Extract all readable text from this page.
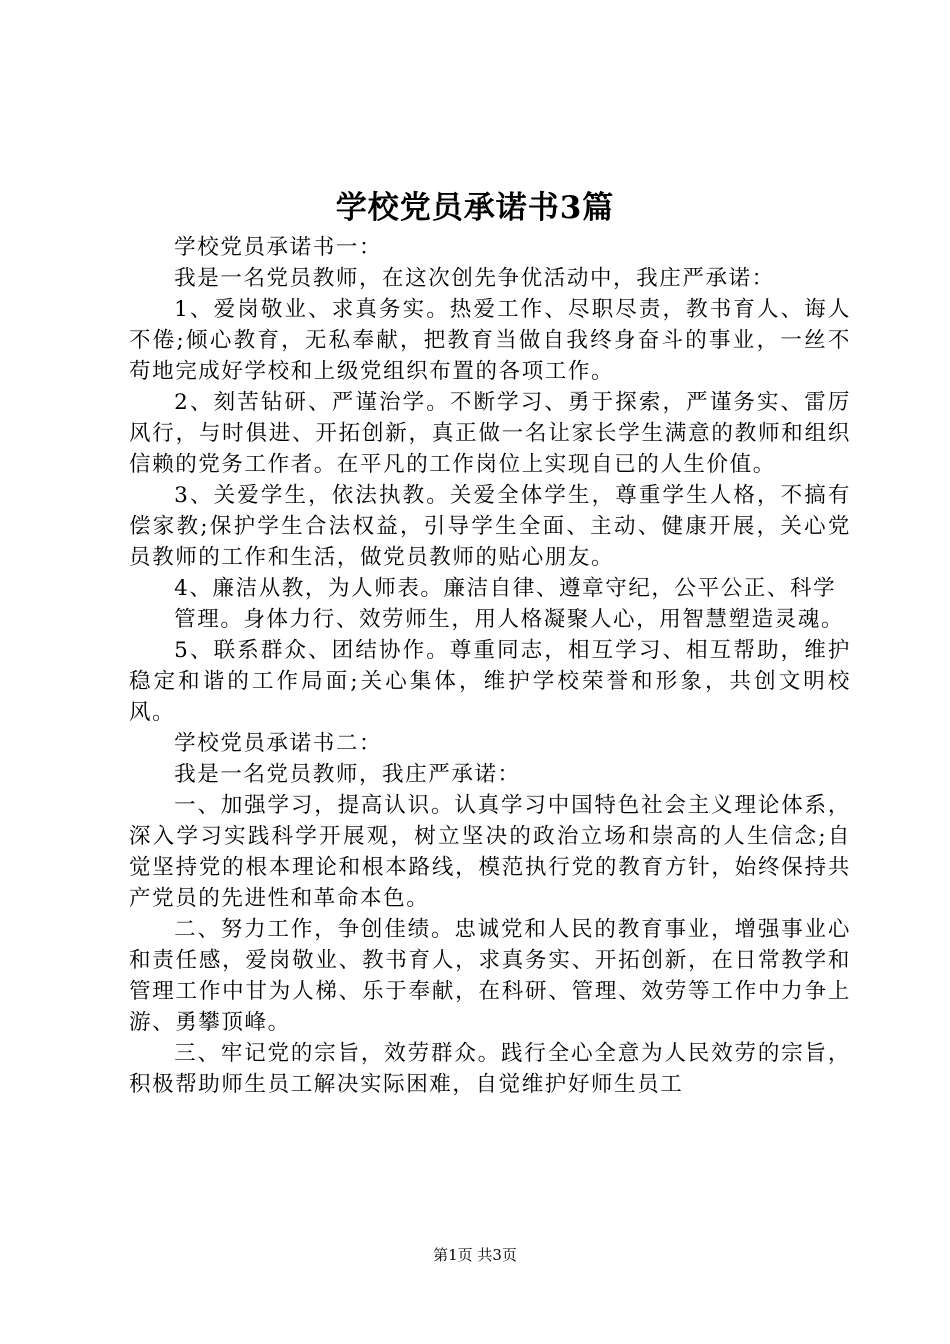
学校党员承诺书3篇

学校党员承诺书一：

我是一名党员教师，在这次创先争优活动中，我庄严承诺：

1、爱岗敬业、求真务实。热爱工作、尽职尽责，教书育人、诲人不倦;倾心教育，无私奉献，把教育当做自我终身奋斗的事业，一丝不苟地完成好学校和上级党组织布置的各项工作。

2、刻苦钻研、严谨治学。不断学习、勇于探索，严谨务实、雷厉风行，与时俱进、开拓创新，真正做一名让家长学生满意的教师和组织信赖的党务工作者。在平凡的工作岗位上实现自已的人生价值。

3、关爱学生，依法执教。关爱全体学生，尊重学生人格，不搞有偿家教;保护学生合法权益，引导学生全面、主动、健康开展，关心党员教师的工作和生活，做党员教师的贴心朋友。

4、廉洁从教，为人师表。廉洁自律、遵章守纪，公平公正、科学

管理。身体力行、效劳师生，用人格凝聚人心，用智慧塑造灵魂。

5、联系群众、团结协作。尊重同志，相互学习、相互帮助，维护稳定和谐的工作局面;关心集体，维护学校荣誉和形象，共创文明校风。

学校党员承诺书二：

我是一名党员教师，我庄严承诺：

一、加强学习，提高认识。认真学习中国特色社会主义理论体系，深入学习实践科学开展观，树立坚决的政治立场和崇高的人生信念;自觉坚持党的根本理论和根本路线，模范执行党的教育方针，始终保持共产党员的先进性和革命本色。

二、努力工作，争创佳绩。忠诚党和人民的教育事业，增强事业心和责任感，爱岗敬业、教书育人，求真务实、开拓创新，在日常教学和管理工作中甘为人梯、乐于奉献，在科研、管理、效劳等工作中力争上游、勇攀顶峰。

三、牢记党的宗旨，效劳群众。践行全心全意为人民效劳的宗旨，积极帮助师生员工解决实际困难，自觉维护好师生员工

第1页 共3页
